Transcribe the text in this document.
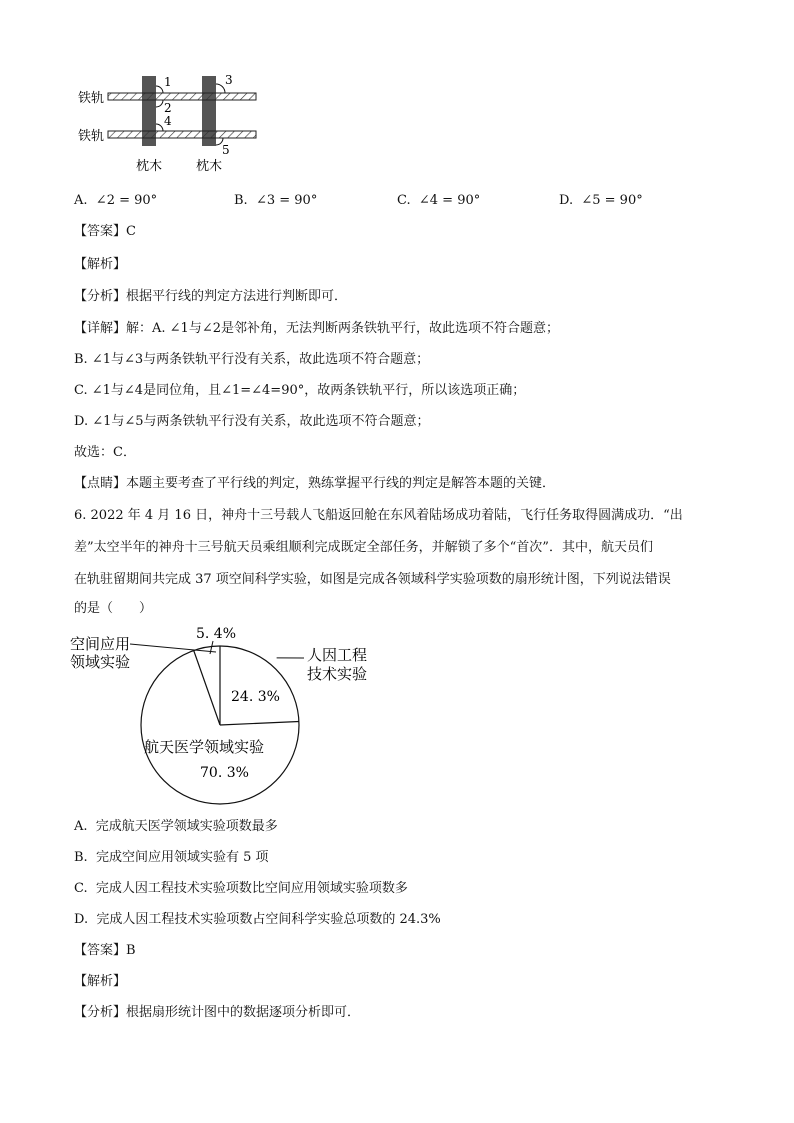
1
2
3
4
5
铁轨
铁轨
枕木	枕木
A. ∠2 = 90°	B. ∠3 = 90°	C. ∠4 = 90°	D. ∠5 = 90°
【答案】C
【解析】
【分析】根据平行线的判定方法进行判断即可．
【详解】解：A. ∠1与∠2是邻补角，无法判断两条铁轨平行，故此选项不符合题意；
B. ∠1与∠3与两条铁轨平行没有关系，故此选项不符合题意；
C. ∠1与∠4是同位角，且∠1=∠4=90°，故两条铁轨平行，所以该选项正确；
D. ∠1与∠5与两条铁轨平行没有关系，故此选项不符合题意；
故选：C．
【点睛】本题主要考查了平行线的判定，熟练掌握平行线的判定是解答本题的关键．
6. 2022 年 4 月 16 日，神舟十三号载人飞船返回舱在东风着陆场成功着陆，飞行任务取得圆满成功．“出
差”太空半年的神舟十三号航天员乘组顺利完成既定全部任务，并解锁了多个“首次”．其中，航天员们
在轨驻留期间共完成 37 项空间科学实验，如图是完成各领域科学实验项数的扇形统计图，下列说法错误
的是（　　）
24. 3%
人因工程
技术实验
航天医学领域实验
70. 3%
空间应用
领域实验
5. 4%
A. 完成航天医学领域实验项数最多
B. 完成空间应用领域实验有 5 项
C. 完成人因工程技术实验项数比空间应用领域实验项数多
D. 完成人因工程技术实验项数占空间科学实验总项数的 24.3%
【答案】B
【解析】
【分析】根据扇形统计图中的数据逐项分析即可．
